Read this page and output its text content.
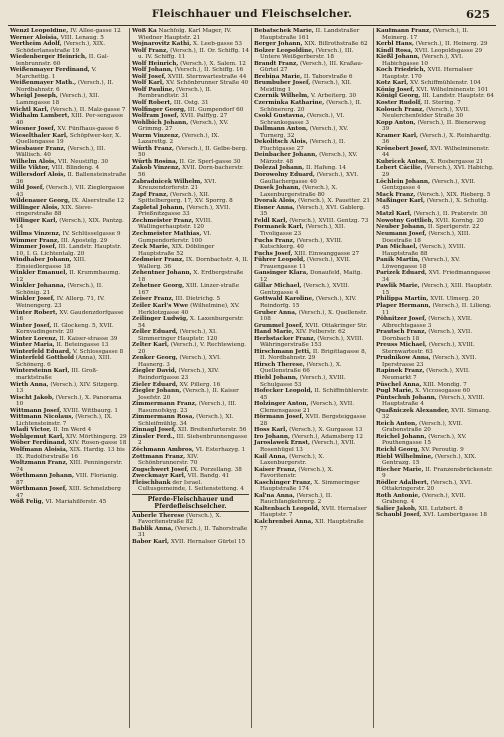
Fleischhauer und Fleischselcher.	625

Wenzl Leopoldine, IV. Allee-gasse 12

Werner Aloisia, VIII. Lenaug. 5

Wertheim Adolf, (Versch.), XIX. Schöderlansstraße 19

Wiedenberger Heinrich, II. Gal-lenbrunnstr. 60

Weißenmayer Ferdinand, V. Marchettig. 1

Weißenmayer Math., (Versch.), II. Nordbahnstr. 6

Wheigl Joseph, (Versch.), XII. Lammgasse 18

Wichtl Karl, (Versch.), II. Malz-gasse 7

Widhalm Lambert, XIII. Per-sengasse 40

Wiesner Josef, XV. Fünfhaus-gasse 6

Wieselthaler Karl, Schöpfwer-ker, X. Quellengasse 19

Wiesbauer Franz, (Versch.), III. Wällisch. 40

Wilhelm Alois, VII. Neustiftg. 30

Wille Viktor, VIII. Blindeng. 4

Willersdorf Alois, II. Ballensteinstraße 36

Wild Josef, (Versch.), VII. Zieglergasse 43

Wildenauer Georg, IX. Alserstraße 12

Willinger Alois, XIX. Sieve-ringerstraße 88

Willinger Karl, (Versch.), XIX. Pantzg. 14

Willms Vinzenz, IV. Schlüsselgasse 9

Wimmer Franz, III. Apostelg. 29

Wimmer Josef, III. Landstr. Hauptstr. 10, I. G. Lichtentalg. 20

Windhaber Johann, XIII. Einsiedlergasse 18

Winkler Emanuel, II. Krummbaumg. 12

Winkler Johanna, (Versch.), II. Schönig. 21

Winkler Josef, IV. Allerg. 71, IV. Weinengerg. 23

Winter Robert, XV. Gaudenzdorfgasse 16

Winter Josef, II. Glockeng. 5, XVII. Kernvadingerstr. 20

Winter Lorenz, II. Kaiser-strasse 39

Winter Maria, II. Beteingasse 13

Winterfeld Eduard, V. Schlossgasse 8

Winterfeld Gotthold (Anna), XIII. Schönerg. 6

Wintersteinn Karl, III. Groß-marktstraße

Wirth Anna, (Versch.), XIV. Sitzgerg. 13

Wischt Jakob, (Versch.), X. Panorama 10

Wittmann Josef, XVIII. Wittbaurg. 1

Wittmann Nicolaus, (Versch.), IX. Lichtensteinstr. 7

Wladi Victor, II. Im Werd 4

Wohlgemut Karl, XIV. Mörthingerg. 29

Wöber Ferdinand, XIV. Rosen-gasse 18

Wolfmann Aloisia, XIX. Hardig. 13 bis IX. Rudolfsrstraße 16

Woltzmann Franz, XIII. Penningerstr. 74

Wörthmann Johann, VIII. Florianig. 87

Wörthmann Josef, XIII. Schmelzberg 47

Wöß Felig, VI. Mariahilferstr. 45

Wöß Ka Nachfolg. Karl Mager, IV. Wiedner Hauptstr. 21

Wojnarovitz Kathi, X. Leeb-gasse 53

Wolf Franz, (Versch.), II. Or. Schiffg. 14 u. IV. Schiffg. 11

Wolf Heinrich, (Versch.), X. Salem. 12

Wolf Johann, (Versch.), II. Schiffg. 16

Wolf Josef, XVIII. Sternwartestraße 44

Wolf Karl, XV. Schönbrunner Straße 40

Wolf Pauline, (Versch.), II. Rembrandtstr. 31

Wolf Robert, III. Ostg. 31

Wolfinger Georg, III. Gumpendorf 60

Wolfram Josef, XVII. Palffyg. 27

Wohlbich Johann, (Versch.), XV. Grimmg. 27

Wurm Vinzenz, (Versch.), IX. Lazarettg. 2

Würth Franz, (Versch.), II. Gelbe-berg. 50

Würth Rosina, II. Gr. Sperl-gasse 30

Zakob Vinzenz, XVII. Dorn-bacherstr. 56

Zabradnicek Wilhelm, XVI. Kreuzendorferstr. 21

Zapf Franz, (Versch.), XII. Spittelbergerg. 17, XV. Sporrg. 8

Zapletal Johann, (Versch.), XVII. Prießnitzgasse 33

Zechmeister Franz, XVIII. Wallingerhauptstr. 120

Zechmeister Mathias, VI. Gumpendorferstr. 100

Zeck Marie, XIX. Döblinger Hauptstraße 52

Zedmeier Franz, IX. Dornbachstr. 4, II. Wallerg. 36

Zehentner Johann, X. Erdbergstraße 18

Zehetner Georg, XIII. Linzer-straße 167

Zeiser Franz, III. Dietrichg. 5

Zeiler Karl's Wwe (Wilhelmine), XV. Herklotzgasse 40

Zeilinger Ludwig, X. Laxenburgerstr. 54

Zeller Eduard, (Versch.), XI. Simmeringer Hauptstr. 120

Zelter Karl, (Versch.), V. Rechtewieng. 20

Zenker Georg, (Versch.), XVI. Hasnerg. 3

Ziegler David, (Versch.), XIV. Reindorfgasse 23

Zieler Eduard, XV. Pillerg. 16

Ziegler Johann, (Versch.), II. Kaiser Josefstr. 20

Zimmermann Franz, (Versch.), III. Rasumofskyg. 23

Zimmermann Rosa, (Versch.), XI. Schleifmühlg. 34

Zinnagl Josef, XII. Breitenfurterstr. 56

Zinsler Ferd., III. Siebenbrunnengasse 2

Zöchmann Ambros, VI. Esterhazyg. 1

Zottmann Franz, XIV. Schönbrunnerstr. 70

Zugschwert Josef, IX. Porzellang. 38

Zweckmayr Karl, VII. Bandg. 41

Fleischbank der Israel. Cultusgemeinde, I. Seitenstetteng. 4

Pferde-Fleischhauer und Pferdefleischselcher.

Auberle Therese (Versch.), X. Favoritenstraße 82

Bablik Anna, (Versch.), II. Taborstraße 31

Babor Karl, XVII. Hernalser Gürtel 15

Bebatschek Marie, II. Landstraßer Hauptstraße 161

Berger Johann, XIX. Billrothstraße 62

Bolzer Leopoldine, (Versch.), III. Untere Weißgerberstr. 18

Brandt Franz, (Versch.), III. Kraßau-Gürtel 27

Brebina Marie, II. Taborstraße 6

Brumbuber Josef, (Versch.), XII. Meidling 1

Czernik Wilhelm, V. Arbeiterg. 30

Czerminka Katharine, (Versch.), II. Schönererg. 20

Csokl Gustavna, (Versch.), VI. Schrankegasse 3

Dallmann Anton, (Versch.), XV. Turnerg. 32

Dekolitsch Alois, (Versch.), II. Fluchtgasse 27

Deinbacher Johann, (Versch.), XV. Märzstr. 48

Dolezal Johann, II. Hafeng. 14

Dorowolny Eduard, (Versch.), XVI. Gaullachergasse 40

Dusek Johann, (Versch.), X. Laxenburgerstraße 80

Dvorak Alois, (Versch.), X. Pauetter. 21

Eisner Anna, (Versch.), XVI. Gablerg. 35

Feldl Karl, (Versch.), XVIII. Gentzg. 73

Formanek Karl, (Versch.), XII. Tivoligasse 23

Fuchs Franz, (Versch.), XVIII. Kutschkerg. 40

Fuchs Josef, XIII. Einwanggasse 27

Führer Leopold, (Versch.), XVII. Frauengasse 11

Gansinger Klara, Donaufeld, Maitg. 12

Gillar Michael, (Versch.), XVIII. Gentzgasse 4

Gottwald Karoline, (Versch.), XIV. Reindorfg. 15

Gruber Anna, (Versch.), X. Quellenstr. 108

Grummel Josef, XVII. Ottakringer Str.

Hand Marie, XIV. Felberstr. 62

Herbstacker Franz, (Versch.), XVIII. Währingerstraße 153

Hirschmann Jetti, II. Brigittagasse 8, II. Nordbahnstr. 29

Hirsch Therese, (Versch.), X. Quellenstraße 66

Hiebl Johann, (Versch.), XVIII. Schulgasse 53

Hofecker Leopold, II. Schiffmühlerstr. 45

Holzinger Anton, (Versch.), XVII. Clemensgasse 21

Hörmann Josef, XVII. Bergsteiggasse 28

Hoss Karl, (Versch.), X. Gurgasse 13

Iro Johann, (Versch.), Adamsberg 12

Jaroslawek Ernst, (Versch.), XVII. Rosenhügel 13

Kail Anna, (Versch.), X. Laxenburgerstr.

Kaiser Franz, (Versch.), X. Favoritenstr.

Kaschinger Franz, X. Simmeringer Hauptstraße 174

Kal'na Anna, (Versch.), II. Rauchfangkehrerg. 2

Kaltenbach Leopold, XVII. Hernalser Hauptstr. 7

Kalchrenbei Anna, XII. Hauptstraße 77

Kaufmann Franz, (Versch.), II. Meinerg. 17

Kerbl Hans, (Versch.), II. Heinerg. 29

Kindl Rosa, XVII. Leopoldsgasse 29

Kießl Johann, (Versch.), XVI. Habichgasse 10

Koch Friedrich, XVII. Hernalser Hauptstr. 170

Kotz Karl, XV. Schiffmühlenstr. 104

König Josef, XVI. Wilhelminenstr. 101

Königl Georg, III. Landstr. Hauptstr. 64

Koster Rudolf, II. Stering. 7

Kolouch Franz, (Versch.), XVII. Neulerchenfelder Straße 30

Kopp Anton, (Versch.), II. Bienerweg 39

Kramer Karl, (Versch.), X. Reinhardtg. 36

Krönebert Josef, XVI. Wilhelminenstr. 44

Kubricek Anton, X. Rosbergasse 21

Lebert Cäcilie, (Versch.), XVI. Habichg. 29

Löchlein Johann, (Versch.), XVII. Gentzgasse 4

Mack Franz, (Versch.), XIX. Rieberg. 5

Maßinger Karl, (Versch.), X. Schuttg. 45

Matzl Karl, (Versch.), II. Praterstr. 30

Nowotny Gottlieb, XVII. Kornhg. 20

Neuber Johann, II. Sperlgerstr. 22

Neumann Josef, (Versch.), XIII. Doestraße 18

Pan Michael, (Versch.), XVIII. Hauptstraße 88

Panik Martin, (Versch.), XV. Löwengasse 18

Parizek Eduard, XVI. Friedmanngasse 34

Pawlik Marie, (Versch.), XIII. Hauptstr. 15

Philippa Martin, XVII. Ulmerg. 20

Plaper Hermann, (Versch.), II. Lilieng. 11

Pöhnitzer Josef, (Versch.), XVII. Albrechtsgasse 3

Prautsch Franz, (Versch.), XVII. Dornbach 18

Preuss Michael, (Versch.), XVIII. Sternwartestr. 63

Prudnikow Anna, (Versch.), XVII. Iperstrasse 23

Rapinek Franz, (Versch.), XVII. Neumarkt 7

Püschel Anna, XIII. Mondig. 7

Pugl Marie, X. Viccosogasse 60

Püntschuh Johann, (Versch.), XVIII. Hauptstraße 4

Quaßniczek Alexander, XVII. Simang. 32

Reich Anton, (Versch.), XVII. Grabenstraße 20

Reichel Johann, (Versch.), XV. Pouthengasse 15

Reichl Georg, XV. Peroutig. 9

Riebl Wilhelmine, (Versch.), XIX. Gentrazg. 15

Riecher Marie, II. Franzensbrückenstr. 9

Rödler Adalbert, (Versch.), XVI. Ottakringerstr. 20

Roth Antonie, (Versch.), XVII. Grabeng. 4

Salier Jakob, XII. Lutzbert. 8

Schaubl Josef, XVI. Lambertgasse 18
